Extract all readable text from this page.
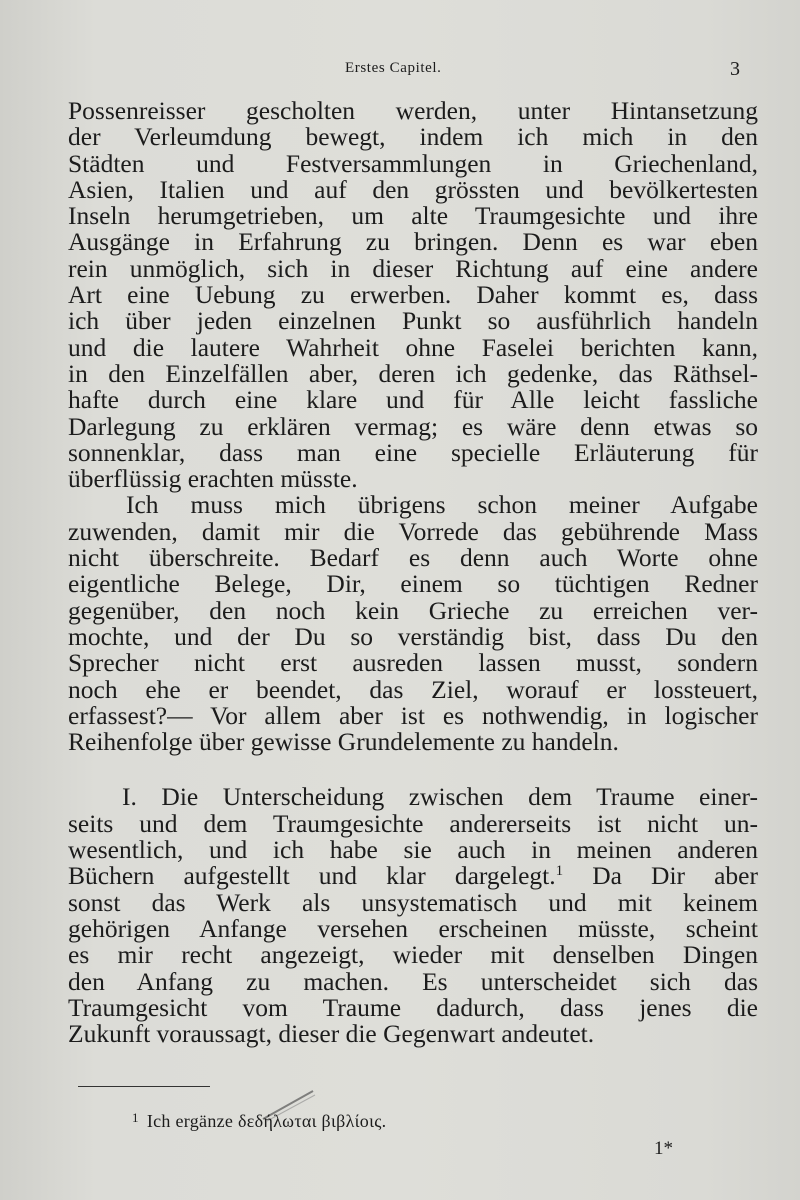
Erstes Capitel.	3
Possenreisser gescholten werden, unter Hintansetzung
der Verleumdung bewegt, indem ich mich in den
Städten und Festversammlungen in Griechenland,
Asien, Italien und auf den grössten und bevölkertesten
Inseln herumgetrieben, um alte Traumgesichte und ihre
Ausgänge in Erfahrung zu bringen. Denn es war eben
rein unmöglich, sich in dieser Richtung auf eine andere
Art eine Uebung zu erwerben. Daher kommt es, dass
ich über jeden einzelnen Punkt so ausführlich handeln
und die lautere Wahrheit ohne Faselei berichten kann,
in den Einzelfällen aber, deren ich gedenke, das Räthsel-
hafte durch eine klare und für Alle leicht fassliche
Darlegung zu erklären vermag; es wäre denn etwas so
sonnenklar, dass man eine specielle Erläuterung für
überflüssig erachten müsste.
Ich muss mich übrigens schon meiner Aufgabe
zuwenden, damit mir die Vorrede das gebührende Mass
nicht überschreite. Bedarf es denn auch Worte ohne
eigentliche Belege, Dir, einem so tüchtigen Redner
gegenüber, den noch kein Grieche zu erreichen ver-
mochte, und der Du so verständig bist, dass Du den
Sprecher nicht erst ausreden lassen musst, sondern
noch ehe er beendet, das Ziel, worauf er lossteuert,
erfassest?— Vor allem aber ist es nothwendig, in logischer
Reihenfolge über gewisse Grundelemente zu handeln.
I. Die Unterscheidung zwischen dem Traume einer-
seits und dem Traumgesichte andererseits ist nicht un-
wesentlich, und ich habe sie auch in meinen anderen
Büchern aufgestellt und klar dargelegt.$^1$ Da Dir aber
sonst das Werk als unsystematisch und mit keinem
gehörigen Anfange versehen erscheinen müsste, scheint
es mir recht angezeigt, wieder mit denselben Dingen
den Anfang zu machen. Es unterscheidet sich das
Traumgesicht vom Traume dadurch, dass jenes die
Zukunft voraussagt, dieser die Gegenwart andeutet.
$^1$ Ich ergänze δεδήλωται βιβλίοις.
1*
